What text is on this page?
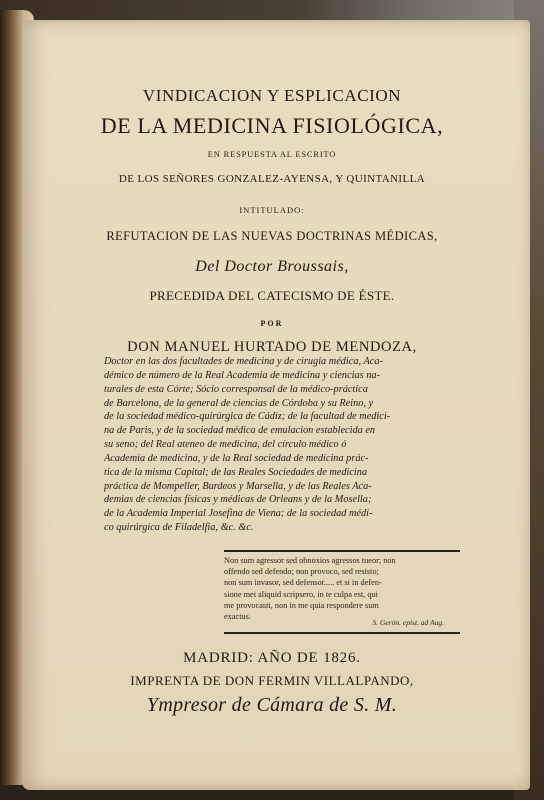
VINDICACION Y ESPLICACION
DE LA MEDICINA FISIOLÓGICA,
EN RESPUESTA AL ESCRITO
DE LOS SEÑORES GONZALEZ-AYENSA, Y QUINTANILLA
INTITULADO:
REFUTACION DE LAS NUEVAS DOCTRINAS MÉDICAS,
Del Doctor Broussais,
PRECEDIDA DEL CATECISMO DE ÉSTE.
POR
DON MANUEL HURTADO DE MENDOZA,
Doctor en las dos facultades de medicina y de cirugia médica, Aca-
démico de número de la Real Academia de medicina y ciencias na-
turales de esta Córte; Sócio corresponsal de la médico-práctica
de Barcelona, de la general de ciencias de Córdoba y su Reino, y
de la sociedad médico-quirúrgica de Cádiz; de la facultad de medici-
na de Paris, y de la sociedad médica de emulacion establecida en
su seno; del Real ateneo de medicina, del círculo médico ó
Academia de medicina, y de la Real sociedad de medicina prác-
tica de la misma Capital; de las Reales Sociedades de medicina
práctica de Mompeller, Burdeos y Marsella, y de las Reales Aca-
demias de ciencias físicas y médicas de Orleans y de la Mosella;
de la Academia Imperial Josefina de Viena; de la sociedad médi-
co quirúrgica de Filadelfia, &c. &c.
Non sum agressor sed obnoxios agressos tueor; non
offendo sed defendo; non provoco, sed resisto;
non sum invasor, sed defensor..... et si in defen-
sione mei aliquid scripsero, in te culpa est, qui
me provocasti, non in me quia respondere sum
exactus.
S. Gerón. epist. ad Aug.
MADRID: AÑO DE 1826.
IMPRENTA DE DON FERMIN VILLALPANDO,
Ympresor de Cámara de S. M.
